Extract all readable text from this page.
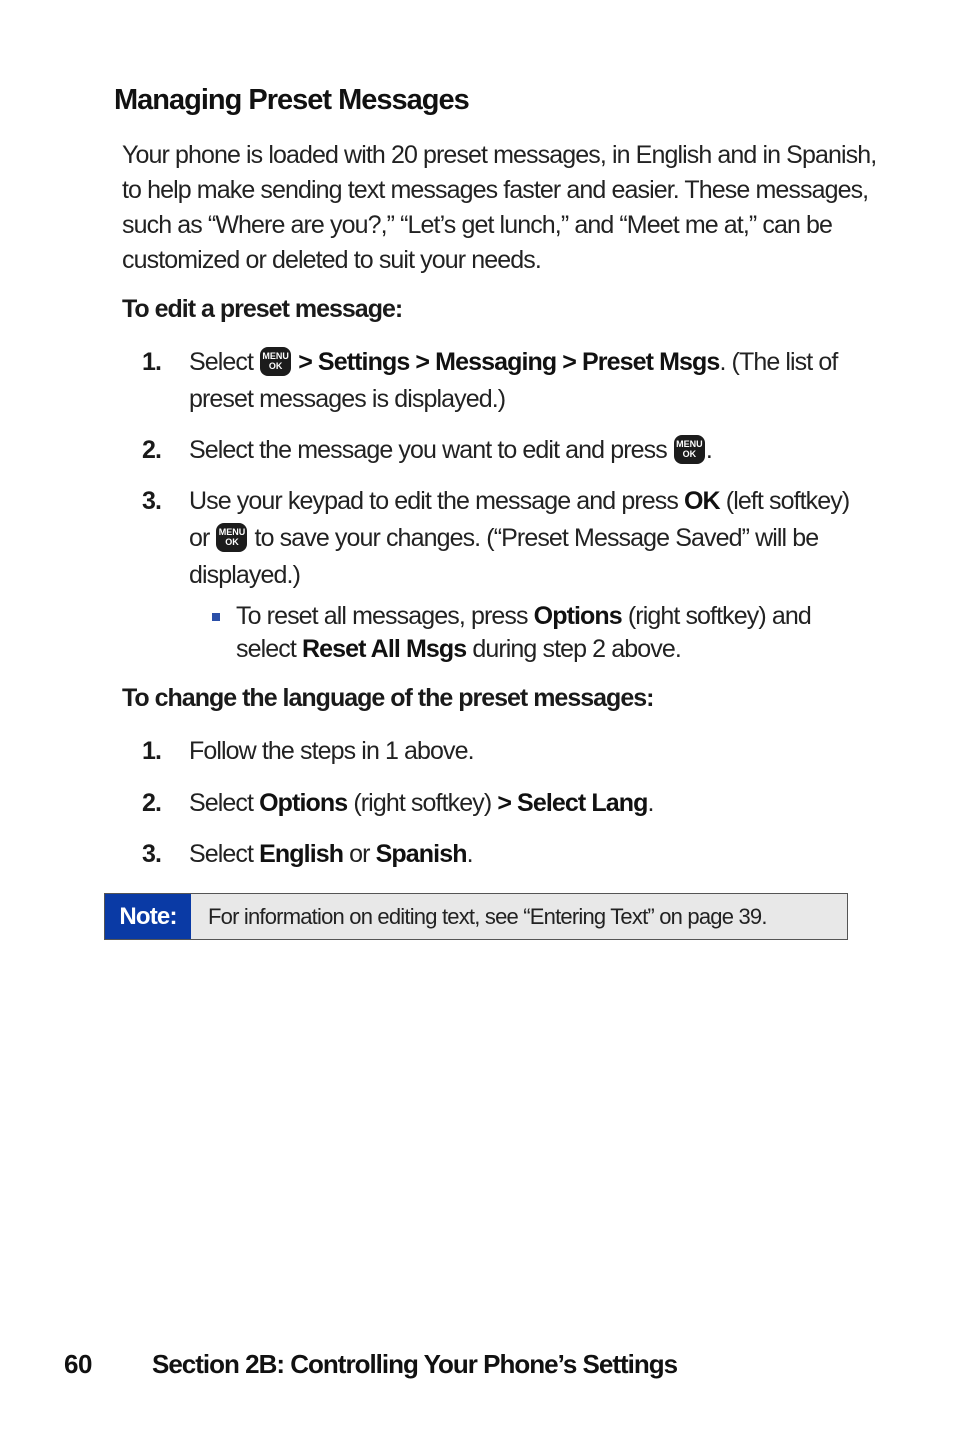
Managing Preset Messages

Your phone is loaded with 20 preset messages, in English and in Spanish, to help make sending text messages faster and easier. These messages, such as “Where are you?,” “Let’s get lunch,” and “Meet me at,” can be customized or deleted to suit your needs.

To edit a preset message:
1. Select MENU
OK > Settings > Messaging > Preset Msgs. (The list of preset messages is displayed.)
2. Select the message you want to edit and press MENU
OK .
3. Use your keypad to edit the message and press OK (left softkey) or MENU
OK to save your changes. (“Preset Message Saved” will be displayed.)
To reset all messages, press Options (right softkey) and select Reset All Msgs during step 2 above.
To change the language of the preset messages:
1. Follow the steps in 1 above.
2. Select Options (right softkey) > Select Lang.
3. Select English or Spanish.
Note:	For information on editing text, see “Entering Text” on page 39.
60 Section 2B: Controlling Your Phone’s Settings
